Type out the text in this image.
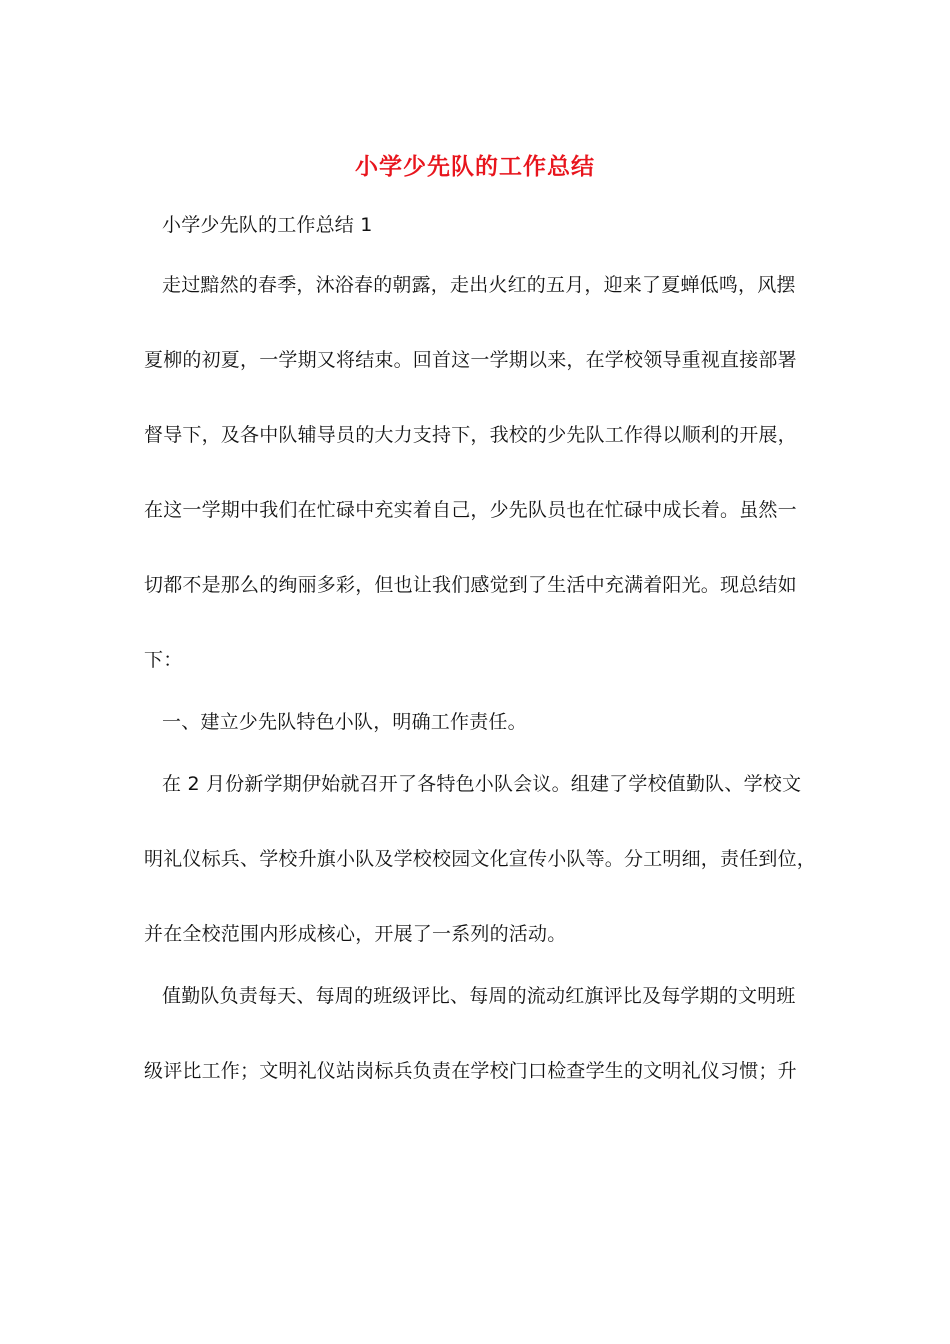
小学少先队的工作总结
小学少先队的工作总结 1
走过黯然的春季，沐浴春的朝露，走出火红的五月，迎来了夏蝉低鸣，风摆
夏柳的初夏，一学期又将结束。回首这一学期以来，在学校领导重视直接部署
督导下，及各中队辅导员的大力支持下，我校的少先队工作得以顺利的开展，
在这一学期中我们在忙碌中充实着自己，少先队员也在忙碌中成长着。虽然一
切都不是那么的绚丽多彩，但也让我们感觉到了生活中充满着阳光。现总结如
下：
一、建立少先队特色小队，明确工作责任。
在 2 月份新学期伊始就召开了各特色小队会议。组建了学校值勤队、学校文
明礼仪标兵、学校升旗小队及学校校园文化宣传小队等。分工明细，责任到位，
并在全校范围内形成核心，开展了一系列的活动。
值勤队负责每天、每周的班级评比、每周的流动红旗评比及每学期的文明班
级评比工作；文明礼仪站岗标兵负责在学校门口检查学生的文明礼仪习惯；升
